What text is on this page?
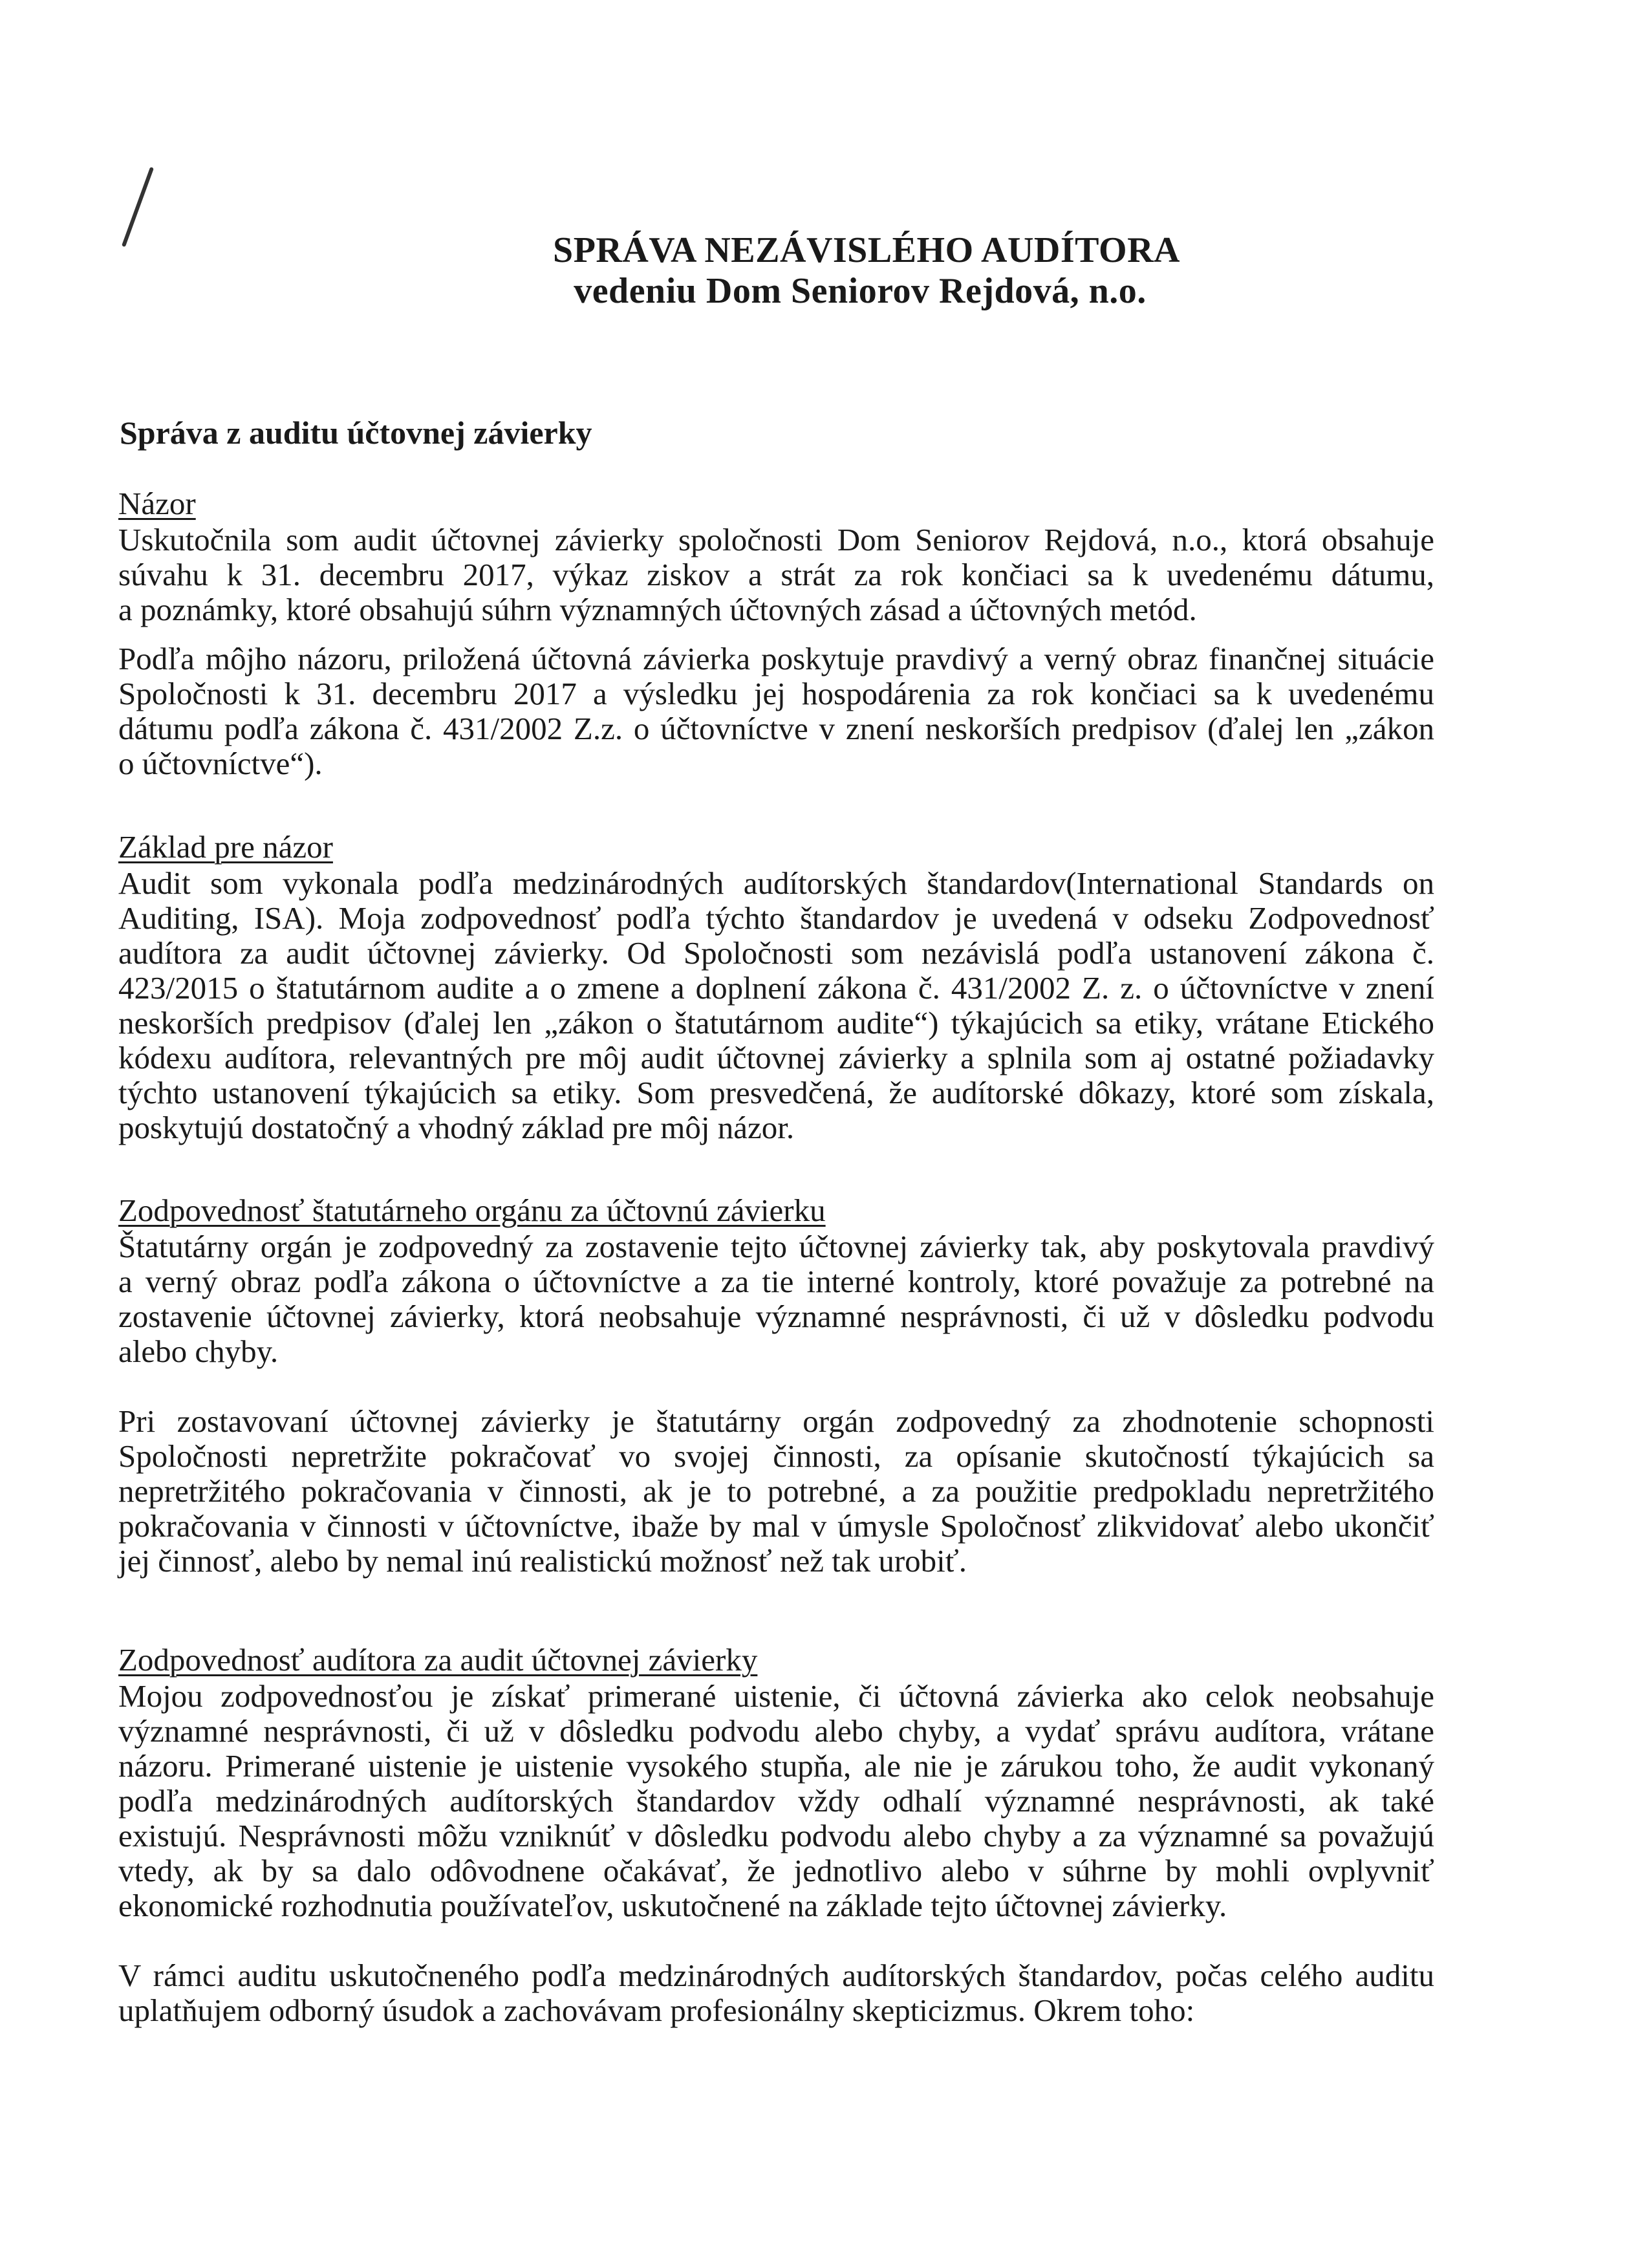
SPRÁVA NEZÁVISLÉHO AUDÍTORA
vedeniu Dom Seniorov Rejdová, n.o.
Správa z auditu účtovnej závierky
Názor
Uskutočnila som audit účtovnej závierky spoločnosti Dom Seniorov Rejdová, n.o., ktorá obsahuje
súvahu k 31. decembru 2017, výkaz ziskov a strát za rok končiaci sa k uvedenému dátumu,
a poznámky, ktoré obsahujú súhrn významných účtovných zásad a účtovných metód.
Podľa môjho názoru, priložená účtovná závierka poskytuje pravdivý a verný obraz finančnej situácie
Spoločnosti k 31. decembru 2017 a výsledku jej hospodárenia za rok končiaci sa k uvedenému
dátumu podľa zákona č. 431/2002 Z.z. o účtovníctve v znení neskorších predpisov (ďalej len „zákon
o účtovníctve“).
Základ pre názor
Audit som vykonala podľa medzinárodných audítorských štandardov(International Standards on
Auditing, ISA). Moja zodpovednosť podľa týchto štandardov je uvedená v odseku Zodpovednosť
audítora za audit účtovnej závierky. Od Spoločnosti som nezávislá podľa ustanovení zákona č.
423/2015 o štatutárnom audite a o zmene a doplnení zákona č. 431/2002 Z. z. o účtovníctve v znení
neskorších predpisov (ďalej len „zákon o štatutárnom audite“) týkajúcich sa etiky, vrátane Etického
kódexu audítora, relevantných pre môj audit účtovnej závierky a splnila som aj ostatné požiadavky
týchto ustanovení týkajúcich sa etiky. Som presvedčená, že audítorské dôkazy, ktoré som získala,
poskytujú dostatočný a vhodný základ pre môj názor.
Zodpovednosť štatutárneho orgánu za účtovnú závierku
Štatutárny orgán je zodpovedný za zostavenie tejto účtovnej závierky tak, aby poskytovala pravdivý
a verný obraz podľa zákona o účtovníctve a za tie interné kontroly, ktoré považuje za potrebné na
zostavenie účtovnej závierky, ktorá neobsahuje významné nesprávnosti, či už v dôsledku podvodu
alebo chyby.
Pri zostavovaní účtovnej závierky je štatutárny orgán zodpovedný za zhodnotenie schopnosti
Spoločnosti nepretržite pokračovať vo svojej činnosti, za opísanie skutočností týkajúcich sa
nepretržitého pokračovania v činnosti, ak je to potrebné, a za použitie predpokladu nepretržitého
pokračovania v činnosti v účtovníctve, ibaže by mal v úmysle Spoločnosť zlikvidovať alebo ukončiť
jej činnosť, alebo by nemal inú realistickú možnosť než tak urobiť.
Zodpovednosť audítora za audit účtovnej závierky
Mojou zodpovednosťou je získať primerané uistenie, či účtovná závierka ako celok neobsahuje
významné nesprávnosti, či už v dôsledku podvodu alebo chyby, a vydať správu audítora, vrátane
názoru. Primerané uistenie je uistenie vysokého stupňa, ale nie je zárukou toho, že audit vykonaný
podľa medzinárodných audítorských štandardov vždy odhalí významné nesprávnosti, ak také
existujú. Nesprávnosti môžu vzniknúť v dôsledku podvodu alebo chyby a za významné sa považujú
vtedy, ak by sa dalo odôvodnene očakávať, že jednotlivo alebo v súhrne by mohli ovplyvniť
ekonomické rozhodnutia používateľov, uskutočnené na základe tejto účtovnej závierky.
V rámci auditu uskutočneného podľa medzinárodných audítorských štandardov, počas celého auditu
uplatňujem odborný úsudok a zachovávam profesionálny skepticizmus. Okrem toho:
